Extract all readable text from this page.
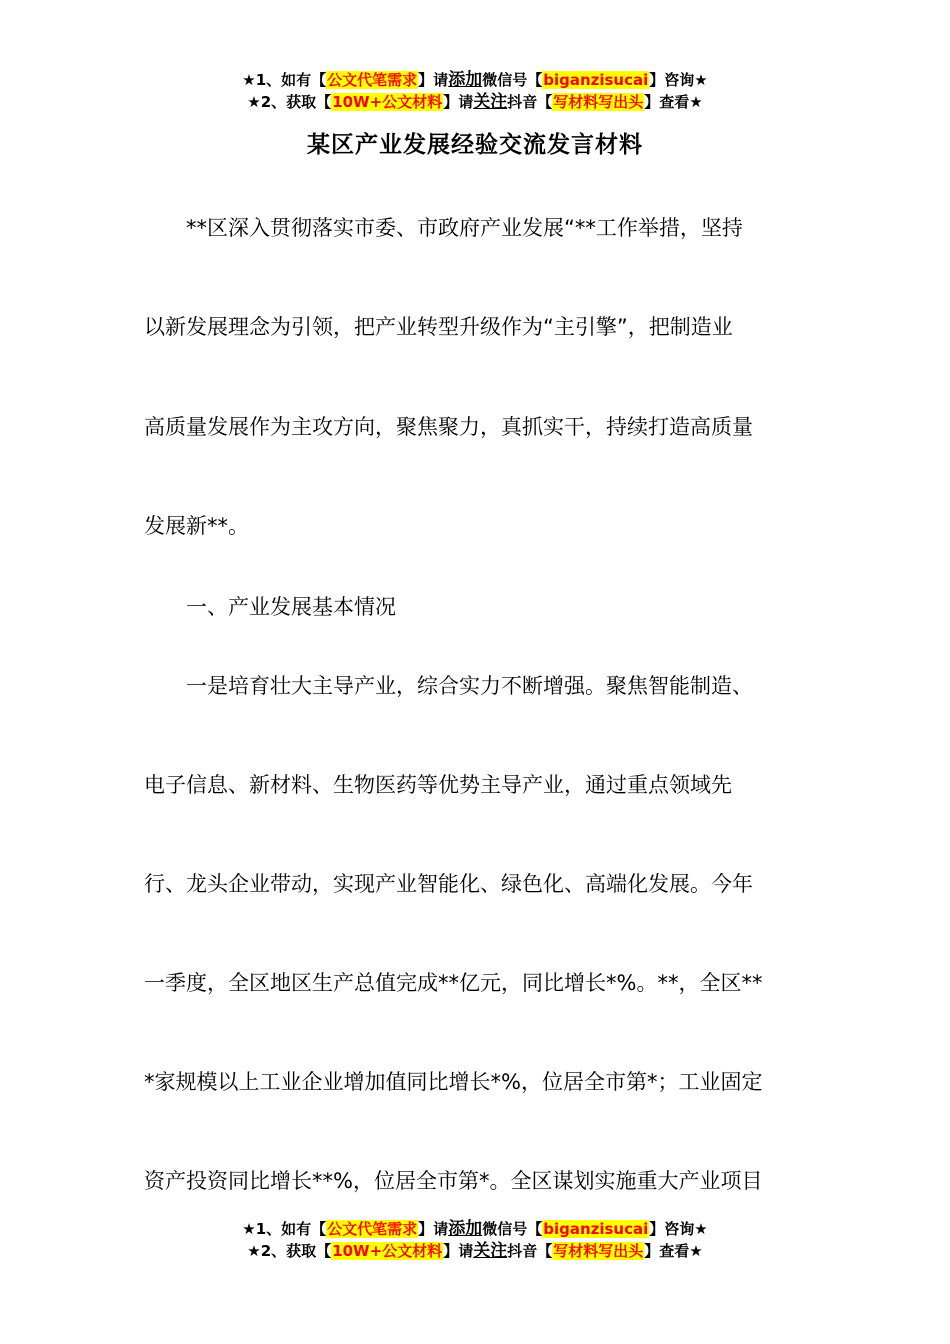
★1、如有【公文代笔需求】请添加微信号【biganzisucai】咨询★
★2、获取【10W+公文材料】请关注抖音【写材料写出头】查看★
某区产业发展经验交流发言材料
　　**区深入贯彻落实市委、市政府产业发展“**工作举措，坚持
以新发展理念为引领，把产业转型升级作为“主引擎”，把制造业
高质量发展作为主攻方向，聚焦聚力，真抓实干，持续打造高质量
发展新**。
　　一、产业发展基本情况
　　一是培育壮大主导产业，综合实力不断增强。聚焦智能制造、
电子信息、新材料、生物医药等优势主导产业，通过重点领域先
行、龙头企业带动，实现产业智能化、绿色化、高端化发展。今年
一季度，全区地区生产总值完成**亿元，同比增长*%。**，全区**
*家规模以上工业企业增加值同比增长*%，位居全市第*；工业固定
资产投资同比增长**%，位居全市第*。全区谋划实施重大产业项目
★1、如有【公文代笔需求】请添加微信号【biganzisucai】咨询★
★2、获取【10W+公文材料】请关注抖音【写材料写出头】查看★
